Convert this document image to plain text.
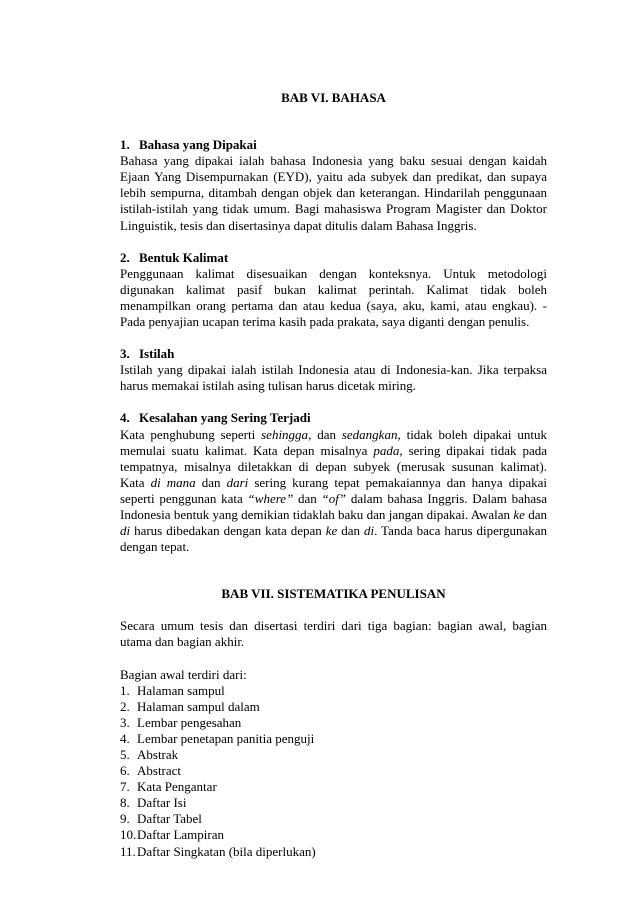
BAB VI. BAHASA

1. Bahasa yang Dipakai

Bahasa yang dipakai ialah bahasa Indonesia yang baku sesuai dengan kaidah Ejaan Yang Disempurnakan (EYD), yaitu ada subyek dan predikat, dan supaya lebih sempurna, ditambah dengan objek dan keterangan. Hindarilah penggunaan istilah-istilah yang tidak umum. Bagi mahasiswa Program Magister dan Doktor Linguistik, tesis dan disertasinya dapat ditulis dalam Bahasa Inggris.

2. Bentuk Kalimat

Penggunaan kalimat disesuaikan dengan konteksnya. Untuk metodologi digunakan kalimat pasif bukan kalimat perintah. Kalimat tidak boleh menampilkan orang pertama dan atau kedua (saya, aku, kami, atau engkau). - Pada penyajian ucapan terima kasih pada prakata, saya diganti dengan penulis.

3. Istilah

Istilah yang dipakai ialah istilah Indonesia atau di Indonesia-kan. Jika terpaksa harus memakai istilah asing tulisan harus dicetak miring.

4. Kesalahan yang Sering Terjadi

Kata penghubung seperti sehingga, dan sedangkan, tidak boleh dipakai untuk memulai suatu kalimat. Kata depan misalnya pada, sering dipakai tidak pada tempatnya, misalnya diletakkan di depan subyek (merusak susunan kalimat). Kata di mana dan dari sering kurang tepat pemakaiannya dan hanya dipakai seperti penggunan kata “where” dan “of” dalam bahasa Inggris. Dalam bahasa Indonesia bentuk yang demikian tidaklah baku dan jangan dipakai. Awalan ke dan di harus dibedakan dengan kata depan ke dan di. Tanda baca harus dipergunakan dengan tepat.

BAB VII. SISTEMATIKA PENULISAN

Secara umum tesis dan disertasi terdiri dari tiga bagian: bagian awal, bagian utama dan bagian akhir.

Bagian awal terdiri dari:

1. Halaman sampul
2. Halaman sampul dalam
3. Lembar pengesahan
4. Lembar penetapan panitia penguji
5. Abstrak
6. Abstract
7. Kata Pengantar
8. Daftar Isi
9. Daftar Tabel
10.Daftar Lampiran
11.Daftar Singkatan (bila diperlukan)
